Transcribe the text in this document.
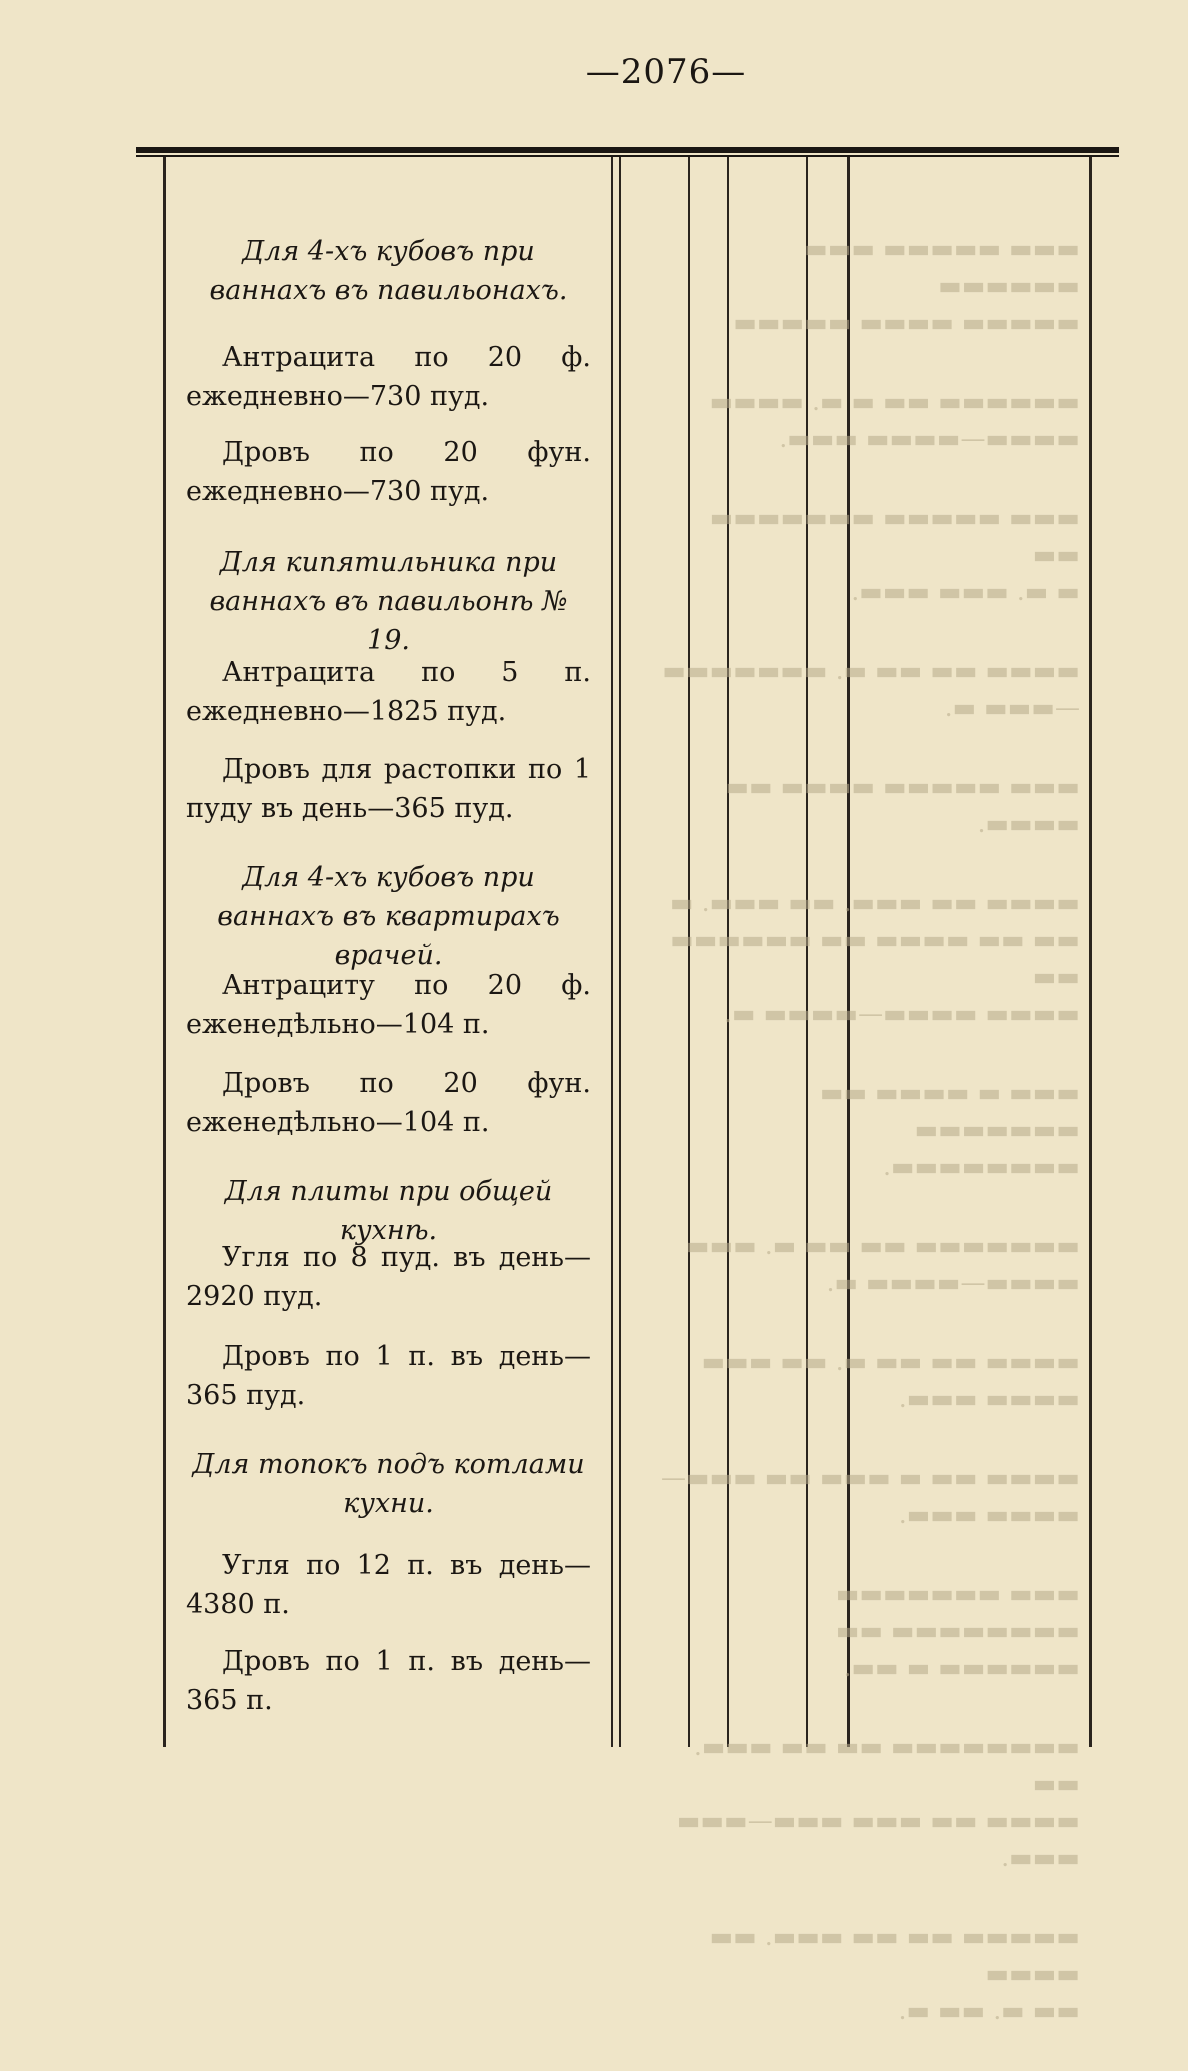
—2076—
▬▬▬ ▬▬▬▬▬ ▬▬▬ ▬▬▬▬▬▬
▬▬▬▬▬ ▬▬▬▬ ▬▬▬▬▬
▬▬▬▬▬▬ ▬▬ ▬ ▬. ▬▬▬▬
▬▬▬▬—▬▬▬▬ ▬▬▬.
▬▬▬ ▬▬▬▬▬ ▬▬▬▬▬▬▬ ▬▬
▬ ▬. ▬▬▬ ▬▬▬.
▬▬▬▬ ▬▬ ▬▬ ▬. ▬▬▬▬▬▬▬
—▬▬▬ ▬.
▬▬▬ ▬▬▬▬▬ ▬▬▬▬ ▬▬ ▬▬▬▬.
▬▬▬▬ ▬▬ ▬▬▬. ▬▬ ▬▬▬. ▬
▬▬ ▬▬ ▬▬▬▬ ▬▬ ▬▬▬▬▬▬ ▬▬
▬▬▬▬ ▬▬▬▬—▬▬▬▬ ▬.
▬▬▬ ▬ ▬▬▬▬ ▬▬ ▬▬▬▬▬▬▬
▬▬▬▬▬▬▬▬.
▬▬▬▬▬▬▬ ▬▬ ▬▬ ▬. ▬▬▬
▬▬▬▬—▬▬▬▬ ▬.
▬▬▬▬ ▬▬ ▬▬ ▬. ▬▬ ▬▬▬
▬▬▬▬ ▬▬▬.
▬▬▬▬ ▬▬ ▬ ▬▬▬ ▬▬ ▬▬▬—
▬▬▬▬ ▬▬▬.
▬▬▬ ▬▬▬▬▬▬▬ ▬▬▬▬▬▬▬▬ ▬▬
▬▬▬▬▬▬ ▬ ▬▬.
▬▬▬▬▬▬▬▬ ▬▬ ▬▬ ▬▬▬. ▬▬
▬▬▬▬ ▬▬ ▬▬▬ ▬▬▬—▬▬▬ ▬▬▬.
▬▬▬▬▬ ▬▬ ▬▬ ▬▬▬. ▬▬ ▬▬▬▬
▬▬ ▬. ▬▬ ▬.
Для 4-хъ кубовъ при ваннахъ въ павильонахъ.
Антрацита по 20 ф. ежедневно—730 пуд.
Дровъ по 20 фун. ежедневно—730 пуд.
Для кипятильника при ваннахъ въ павильонѣ № 19.
Антрацита по 5 п. ежедневно—1825 пуд.
Дровъ для растопки по 1 пуду въ день—365 пуд.
Для 4-хъ кубовъ при ваннахъ въ квартирахъ врачей.
Антрациту по 20 ф. еженедѣльно—104 п.
Дровъ по 20 фун. еженедѣльно—104 п.
Для плиты при общей кухнѣ.
Угля по 8 пуд. въ день—2920 пуд.
Дровъ по 1 п. въ день—365 пуд.
Для топокъ подъ котлами кухни.
Угля по 12 п. въ день—4380 п.
Дровъ по 1 п. въ день—365 п.
